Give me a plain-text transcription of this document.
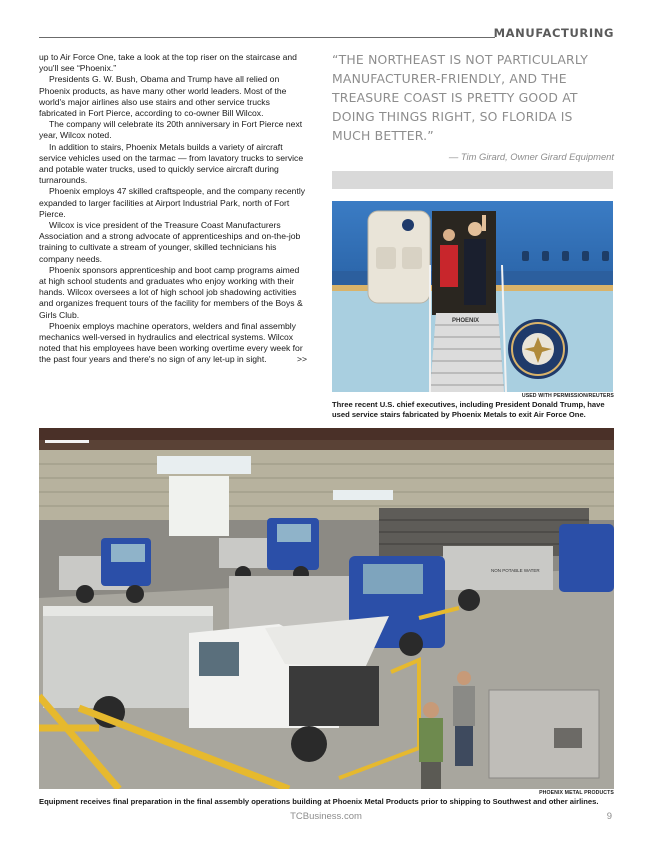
MANUFACTURING

up to Air Force One, take a look at the top riser on the staircase and you'll see “Phoenix.”

Presidents G. W. Bush, Obama and Trump have all relied on Phoenix products, as have many other world leaders. Most of the world's major airlines also use stairs and other service trucks fabricated in Fort Pierce, according to co-owner Bill Wilcox.

The company will celebrate its 20th anniversary in Fort Pierce next year, Wilcox noted.

In addition to stairs, Phoenix Metals builds a variety of aircraft service vehicles used on the tarmac — from lavatory trucks to service and potable water trucks, used to quickly service aircraft during turnarounds.

Phoenix employs 47 skilled craftspeople, and the company recently expanded to larger facilities at Airport Industrial Park, north of Fort Pierce.

Wilcox is vice president of the Treasure Coast Manufacturers Association and a strong advocate of apprenticeships and on-the-job training to cultivate a stream of younger, skilled technicians his company needs.

Phoenix sponsors apprenticeship and boot camp programs aimed at high school students and graduates who enjoy working with their hands. Wilcox oversees a lot of high school job shadowing activities and organizes frequent tours of the facility for members of the Boys & Girls Club.

Phoenix employs machine operators, welders and final assembly mechanics well-versed in hydraulics and electrical systems. Wilcox noted that his employees have been working overtime every week for the past four years and there's no sign of any let-up in sight.	>>
“THE NORTHEAST IS NOT PARTICULARLY MANUFACTURER-FRIENDLY, AND THE TREASURE COAST IS PRETTY GOOD AT DOING THINGS RIGHT, SO FLORIDA IS MUCH BETTER.”
— Tim Girard, Owner Girard Equipment
PHOENIX
USED WITH PERMISSION/REUTERS
Three recent U.S. chief executives, including President Donald Trump, have used service stairs fabricated by Phoenix Metals to exit Air Force One.
NON POTABLE WATER
PHOENIX METAL PRODUCTS
Equipment receives final preparation in the final assembly operations building at Phoenix Metal Products prior to shipping to Southwest and other airlines.
TCBusiness.com	9
